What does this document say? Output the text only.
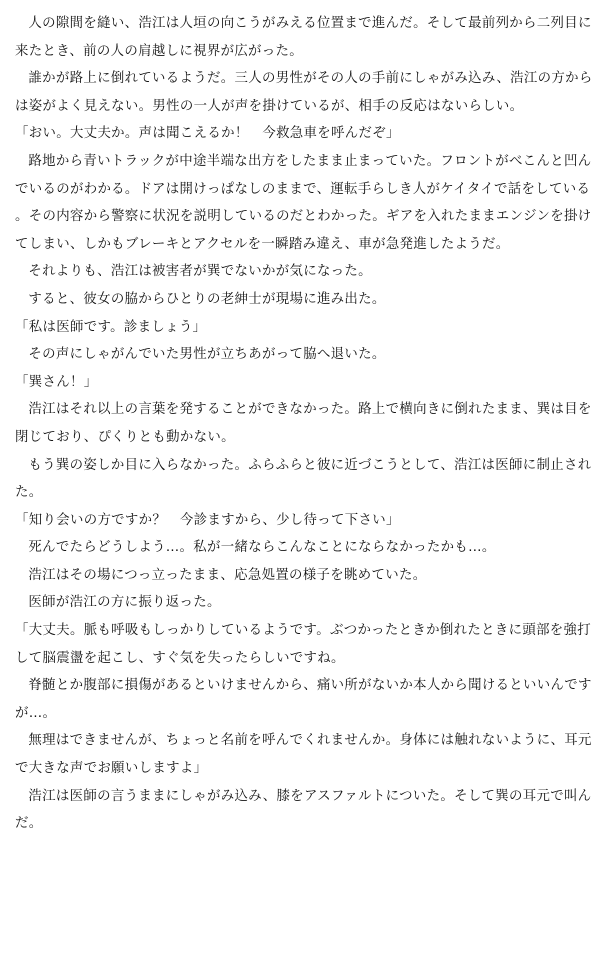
人の隙間を縫い、浩江は人垣の向こうがみえる位置まで進んだ。そして最前列から二列目に来たとき、前の人の肩越しに視界が広がった。

誰かが路上に倒れているようだ。三人の男性がその人の手前にしゃがみ込み、浩江の方からは姿がよく見えない。男性の一人が声を掛けているが、相手の反応はないらしい。

「おい。大丈夫か。声は聞こえるか！　今救急車を呼んだぞ」

路地から青いトラックが中途半端な出方をしたまま止まっていた。フロントがべこんと凹んでいるのがわかる。ドアは開けっぱなしのままで、運転手らしき人がケイタイで話をしている。その内容から警察に状況を説明しているのだとわかった。ギアを入れたままエンジンを掛けてしまい、しかもブレーキとアクセルを一瞬踏み違え、車が急発進したようだ。

それよりも、浩江は被害者が巽でないかが気になった。

すると、彼女の脇からひとりの老紳士が現場に進み出た。

「私は医師です。診ましょう」

その声にしゃがんでいた男性が立ちあがって脇へ退いた。

「巽さん！」

浩江はそれ以上の言葉を発することができなかった。路上で横向きに倒れたまま、巽は目を閉じており、ぴくりとも動かない。

もう巽の姿しか目に入らなかった。ふらふらと彼に近づこうとして、浩江は医師に制止された。

「知り会いの方ですか？　今診ますから、少し待って下さい」

死んでたらどうしよう…。私が一緒ならこんなことにならなかったかも…。

浩江はその場につっ立ったまま、応急処置の様子を眺めていた。

医師が浩江の方に振り返った。

「大丈夫。脈も呼吸もしっかりしているようです。ぶつかったときか倒れたときに頭部を強打して脳震盪を起こし、すぐ気を失ったらしいですね。

脊髄とか腹部に損傷があるといけませんから、痛い所がないか本人から聞けるといいんですが…。

無理はできませんが、ちょっと名前を呼んでくれませんか。身体には触れないように、耳元で大きな声でお願いしますよ」

浩江は医師の言うままにしゃがみ込み、膝をアスファルトについた。そして巽の耳元で叫んだ。
